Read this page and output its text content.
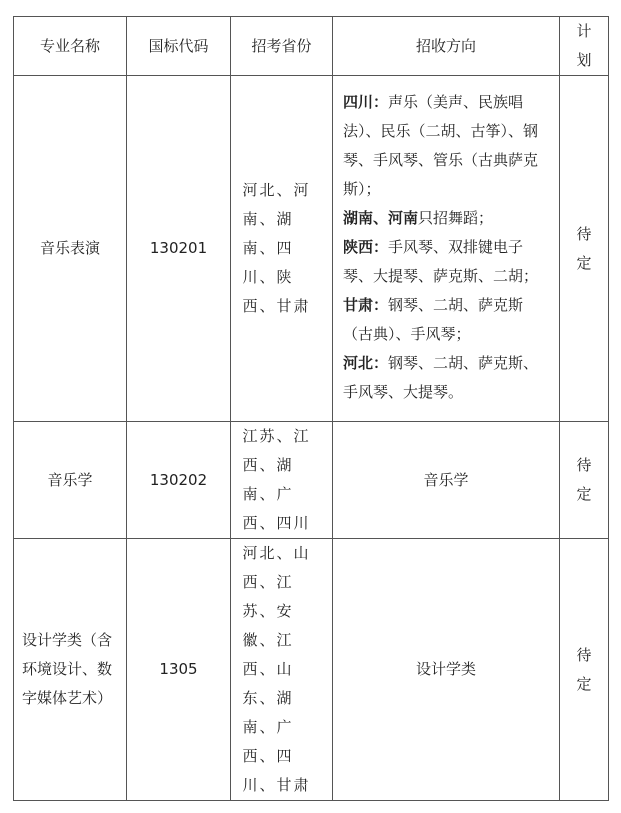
专业名称	国标代码	招考省份	招收方向	计划
音乐表演	130201	河北、河南、湖南、四川、陕西、甘肃	四川：声乐（美声、民族唱法）、民乐（二胡、古筝）、钢琴、手风琴、管乐（古典萨克斯）；

湖南、河南只招舞蹈；

陕西：手风琴、双排键电子琴、大提琴、萨克斯、二胡；

甘肃：钢琴、二胡、萨克斯（古典）、手风琴；

河北：钢琴、二胡、萨克斯、手风琴、大提琴。	待定
音乐学	130202	江苏、江西、湖南、广西、四川	音乐学	待定
设计学类（含环境设计、数字媒体艺术）	1305	河北、山西、江苏、安徽、江西、山东、湖南、广西、四川、甘肃	设计学类	待定
